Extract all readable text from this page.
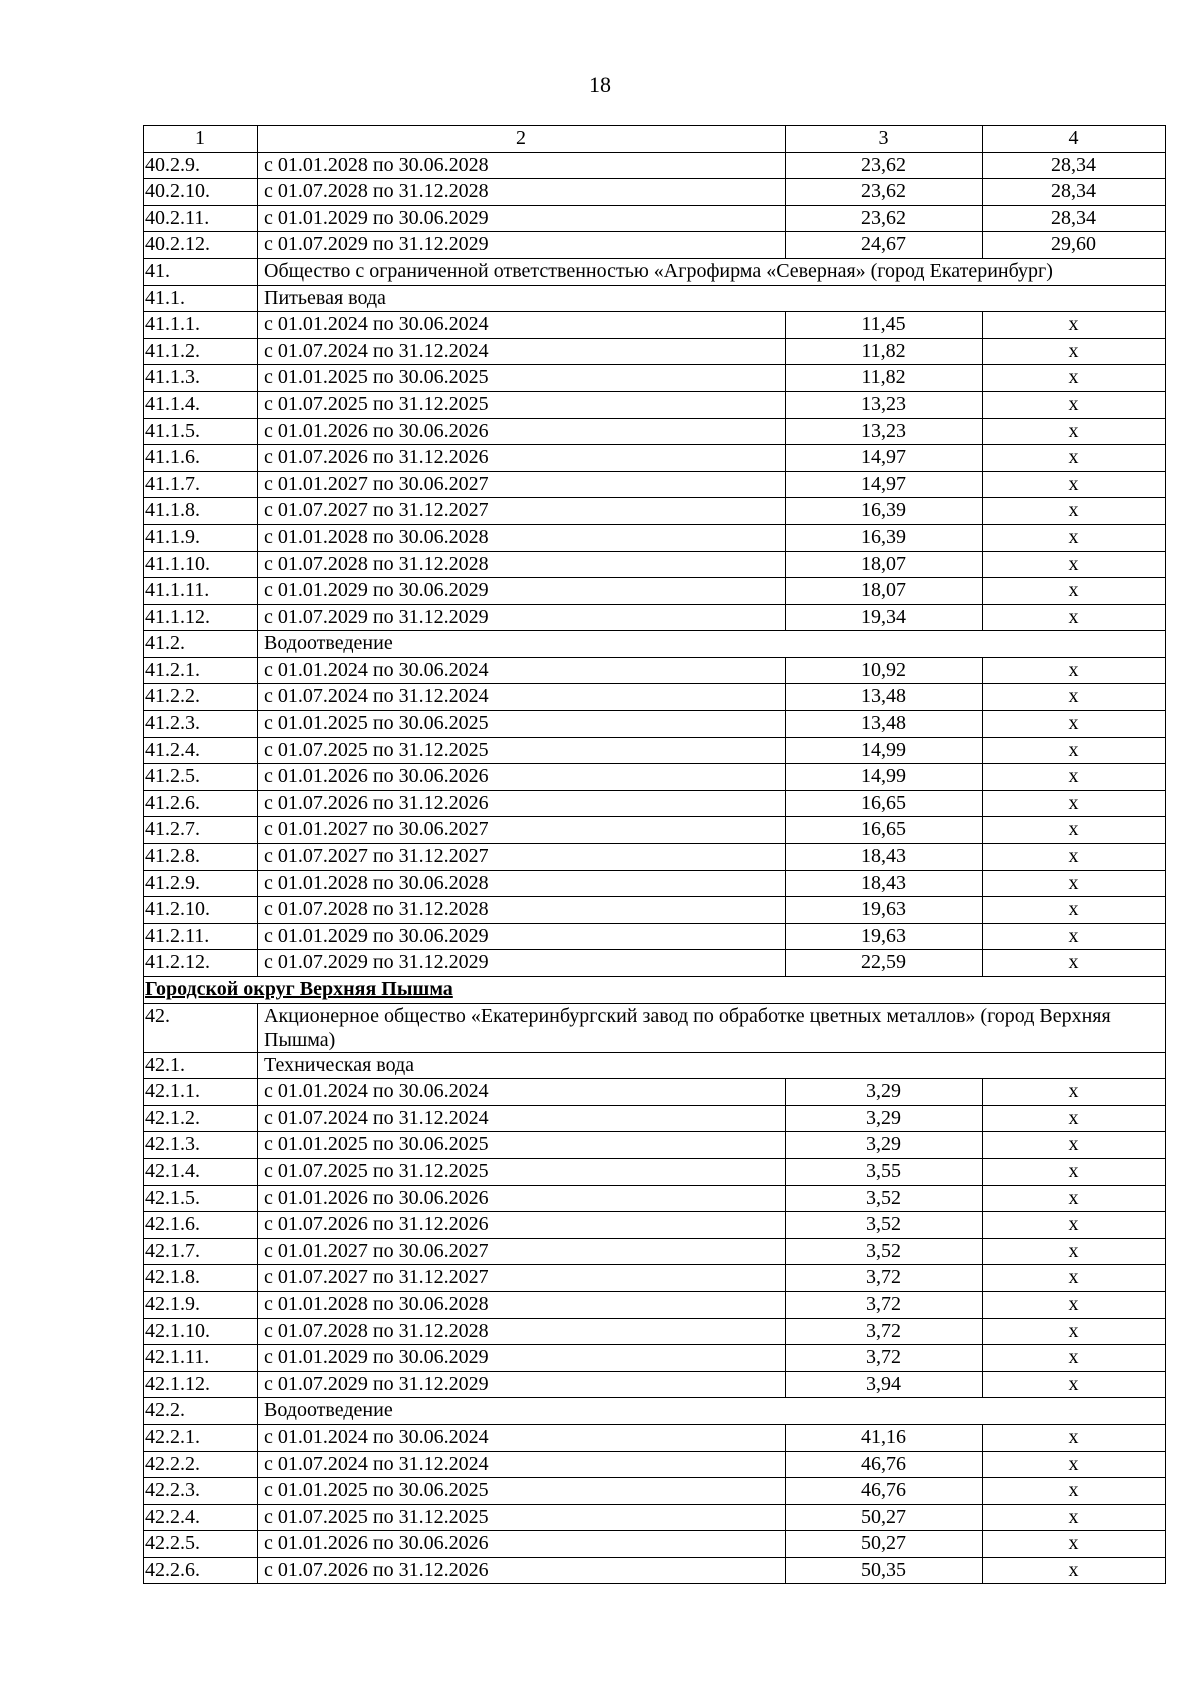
18
1	2	3	4
40.2.9.	с 01.01.2028 по 30.06.2028	23,62	28,34
40.2.10.	с 01.07.2028 по 31.12.2028	23,62	28,34
40.2.11.	с 01.01.2029 по 30.06.2029	23,62	28,34
40.2.12.	с 01.07.2029 по 31.12.2029	24,67	29,60
41.	Общество с ограниченной ответственностью «Агрофирма «Северная» (город Екатеринбург)		
41.1.	Питьевая вода		
41.1.1.	с 01.01.2024 по 30.06.2024	11,45	х
41.1.2.	с 01.07.2024 по 31.12.2024	11,82	х
41.1.3.	с 01.01.2025 по 30.06.2025	11,82	х
41.1.4.	с 01.07.2025 по 31.12.2025	13,23	х
41.1.5.	с 01.01.2026 по 30.06.2026	13,23	х
41.1.6.	с 01.07.2026 по 31.12.2026	14,97	х
41.1.7.	с 01.01.2027 по 30.06.2027	14,97	х
41.1.8.	с 01.07.2027 по 31.12.2027	16,39	х
41.1.9.	с 01.01.2028 по 30.06.2028	16,39	х
41.1.10.	с 01.07.2028 по 31.12.2028	18,07	х
41.1.11.	с 01.01.2029 по 30.06.2029	18,07	х
41.1.12.	с 01.07.2029 по 31.12.2029	19,34	х
41.2.	Водоотведение		
41.2.1.	с 01.01.2024 по 30.06.2024	10,92	х
41.2.2.	с 01.07.2024 по 31.12.2024	13,48	х
41.2.3.	с 01.01.2025 по 30.06.2025	13,48	х
41.2.4.	с 01.07.2025 по 31.12.2025	14,99	х
41.2.5.	с 01.01.2026 по 30.06.2026	14,99	х
41.2.6.	с 01.07.2026 по 31.12.2026	16,65	х
41.2.7.	с 01.01.2027 по 30.06.2027	16,65	х
41.2.8.	с 01.07.2027 по 31.12.2027	18,43	х
41.2.9.	с 01.01.2028 по 30.06.2028	18,43	х
41.2.10.	с 01.07.2028 по 31.12.2028	19,63	х
41.2.11.	с 01.01.2029 по 30.06.2029	19,63	х
41.2.12.	с 01.07.2029 по 31.12.2029	22,59	х
Городской округ Верхняя Пышма			
42.	Акционерное общество «Екатеринбургский завод по обработке цветных металлов» (город Верхняя Пышма)		
42.1.	Техническая вода		
42.1.1.	с 01.01.2024 по 30.06.2024	3,29	х
42.1.2.	с 01.07.2024 по 31.12.2024	3,29	х
42.1.3.	с 01.01.2025 по 30.06.2025	3,29	х
42.1.4.	с 01.07.2025 по 31.12.2025	3,55	х
42.1.5.	с 01.01.2026 по 30.06.2026	3,52	х
42.1.6.	с 01.07.2026 по 31.12.2026	3,52	х
42.1.7.	с 01.01.2027 по 30.06.2027	3,52	х
42.1.8.	с 01.07.2027 по 31.12.2027	3,72	х
42.1.9.	с 01.01.2028 по 30.06.2028	3,72	х
42.1.10.	с 01.07.2028 по 31.12.2028	3,72	х
42.1.11.	с 01.01.2029 по 30.06.2029	3,72	х
42.1.12.	с 01.07.2029 по 31.12.2029	3,94	х
42.2.	Водоотведение		
42.2.1.	с 01.01.2024 по 30.06.2024	41,16	х
42.2.2.	с 01.07.2024 по 31.12.2024	46,76	х
42.2.3.	с 01.01.2025 по 30.06.2025	46,76	х
42.2.4.	с 01.07.2025 по 31.12.2025	50,27	х
42.2.5.	с 01.01.2026 по 30.06.2026	50,27	х
42.2.6.	с 01.07.2026 по 31.12.2026	50,35	х
